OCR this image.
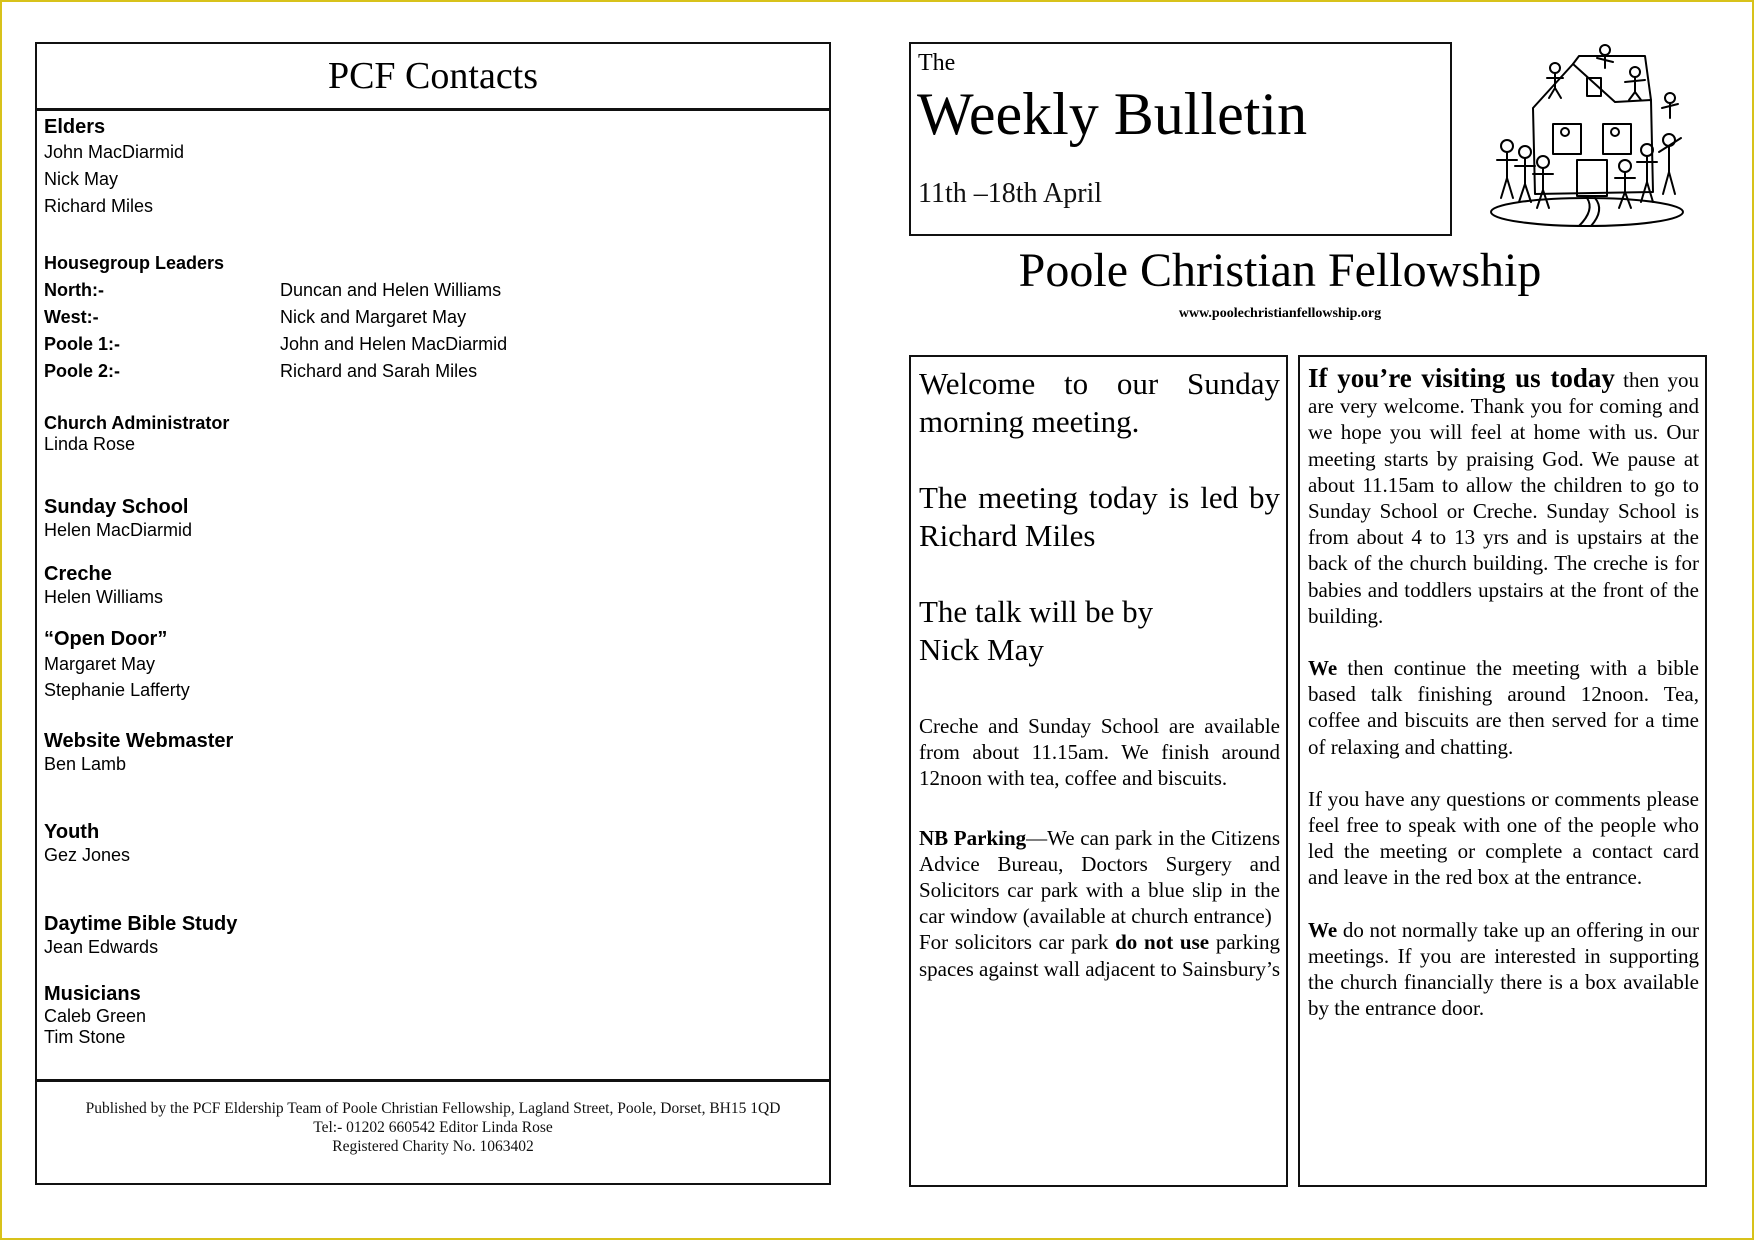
PCF Contacts
Elders
John MacDiarmid
Nick May
Richard Miles
Housegroup Leaders
North:-	Duncan and Helen Williams
West:-	Nick and Margaret May
Poole 1:-	John and Helen MacDiarmid
Poole 2:-	Richard and Sarah Miles
Church Administrator
Linda Rose
Sunday School
Helen MacDiarmid
Creche
Helen Williams
“Open Door”
Margaret May
Stephanie Lafferty
Website Webmaster
Ben Lamb
Youth
Gez Jones
Daytime Bible Study
Jean Edwards
Musicians
Caleb Green
Tim Stone
Published by the PCF Eldership Team of Poole Christian Fellowship, Lagland Street, Poole, Dorset, BH15 1QD
Tel:- 01202 660542 Editor Linda Rose
Registered Charity No. 1063402
The
Weekly Bulletin
11th –18th April
Poole Christian Fellowship
www.poolechristianfellowship.org
Welcome to our Sunday morning meeting.
The meeting today is led by Richard Miles
The talk will be by
Nick May
Creche and Sunday School are available from about 11.15am. We finish around 12noon with tea, coffee and biscuits.
NB Parking—We can park in the Citizens Advice Bureau, Doctors Surgery and Solicitors car park with a blue slip in the car window (available at church entrance)
For solicitors car park do not use parking spaces against wall adjacent to Sainsbury’s
If you’re visiting us today then you are very welcome. Thank you for coming and we hope you will feel at home with us. Our meeting starts by praising God. We pause at about 11.15am to allow the children to go to Sunday School or Creche. Sunday School is from about 4 to 13 yrs and is upstairs at the back of the church building. The creche is for babies and toddlers upstairs at the front of the building.
We then continue the meeting with a bible based talk finishing around 12noon. Tea, coffee and biscuits are then served for a time of relaxing and chatting.
If you have any questions or comments please feel free to speak with one of the people who led the meeting or complete a contact card and leave in the red box at the entrance.
We do not normally take up an offering in our meetings. If you are interested in supporting the church financially there is a box available by the entrance door.
